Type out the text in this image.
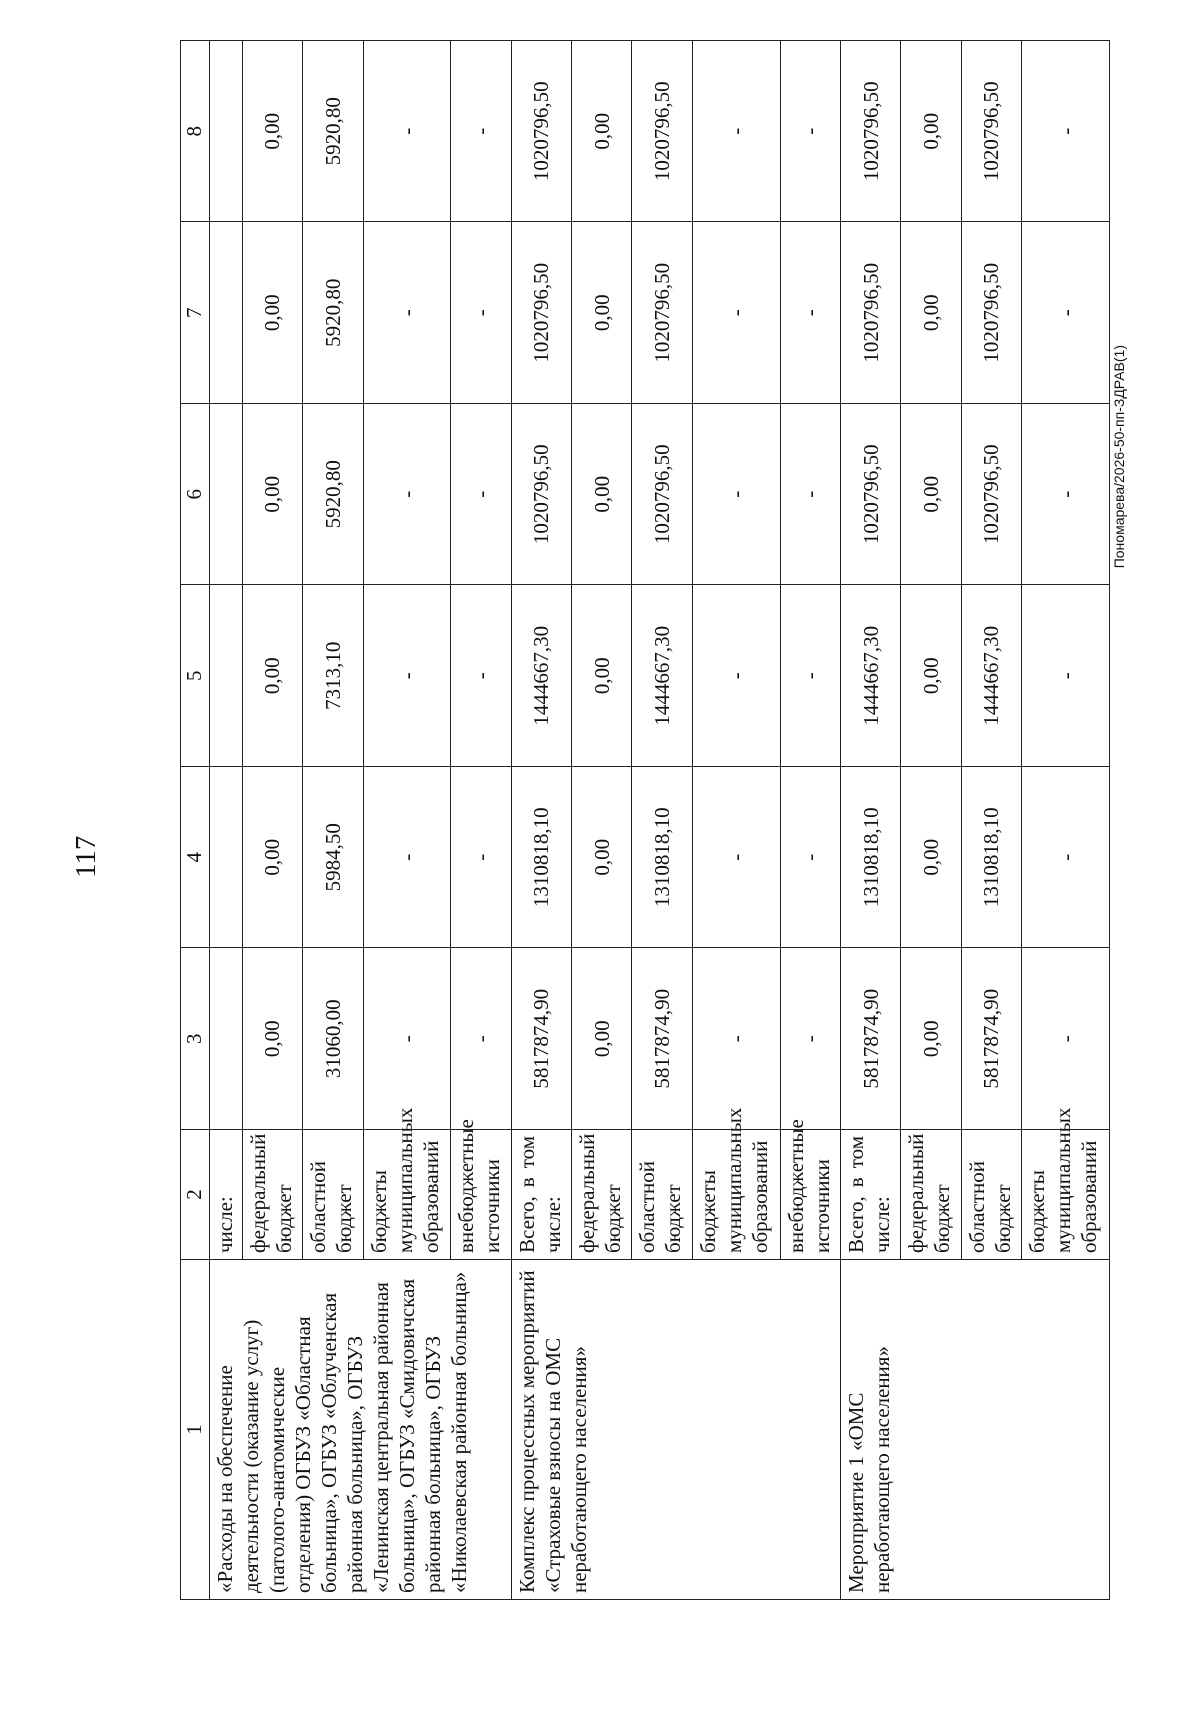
117
Пономарева/2026-50-пп-ЗДРАВ(1)
1	2	3	4	5	6	7	8
«Расходы на обеспечение деятельности (оказание услуг) (патолого-анатомические отделения) ОГБУЗ «Областная больница», ОГБУЗ «Облученская районная больница», ОГБУЗ «Ленинская центральная районная больница», ОГБУЗ «Смидовичская районная больница», ОГБУЗ «Николаевская районная больница»	числе:						
	федеральный бюджет	0,00	0,00	0,00	0,00	0,00	0,00
	областной бюджет	31060,00	5984,50	7313,10	5920,80	5920,80	5920,80
	бюджеты муниципальных образований	-	-	-	-	-	-
	внебюджетные источники	-	-	-	-	-	-
Комплекс процессных мероприятий «Страховые взносы на ОМС неработающего населения»	Всего, в том числе:	5817874,90	1310818,10	1444667,30	1020796,50	1020796,50	1020796,50
	федеральный бюджет	0,00	0,00	0,00	0,00	0,00	0,00
	областной бюджет	5817874,90	1310818,10	1444667,30	1020796,50	1020796,50	1020796,50
	бюджеты муниципальных образований	-	-	-	-	-	-
	внебюджетные источники	-	-	-	-	-	-
Мероприятие 1 «ОМС неработающего населения»	Всего, в том числе:	5817874,90	1310818,10	1444667,30	1020796,50	1020796,50	1020796,50
	федеральный бюджет	0,00	0,00	0,00	0,00	0,00	0,00
	областной бюджет	5817874,90	1310818,10	1444667,30	1020796,50	1020796,50	1020796,50
	бюджеты муниципальных образований	-	-	-	-	-	-
